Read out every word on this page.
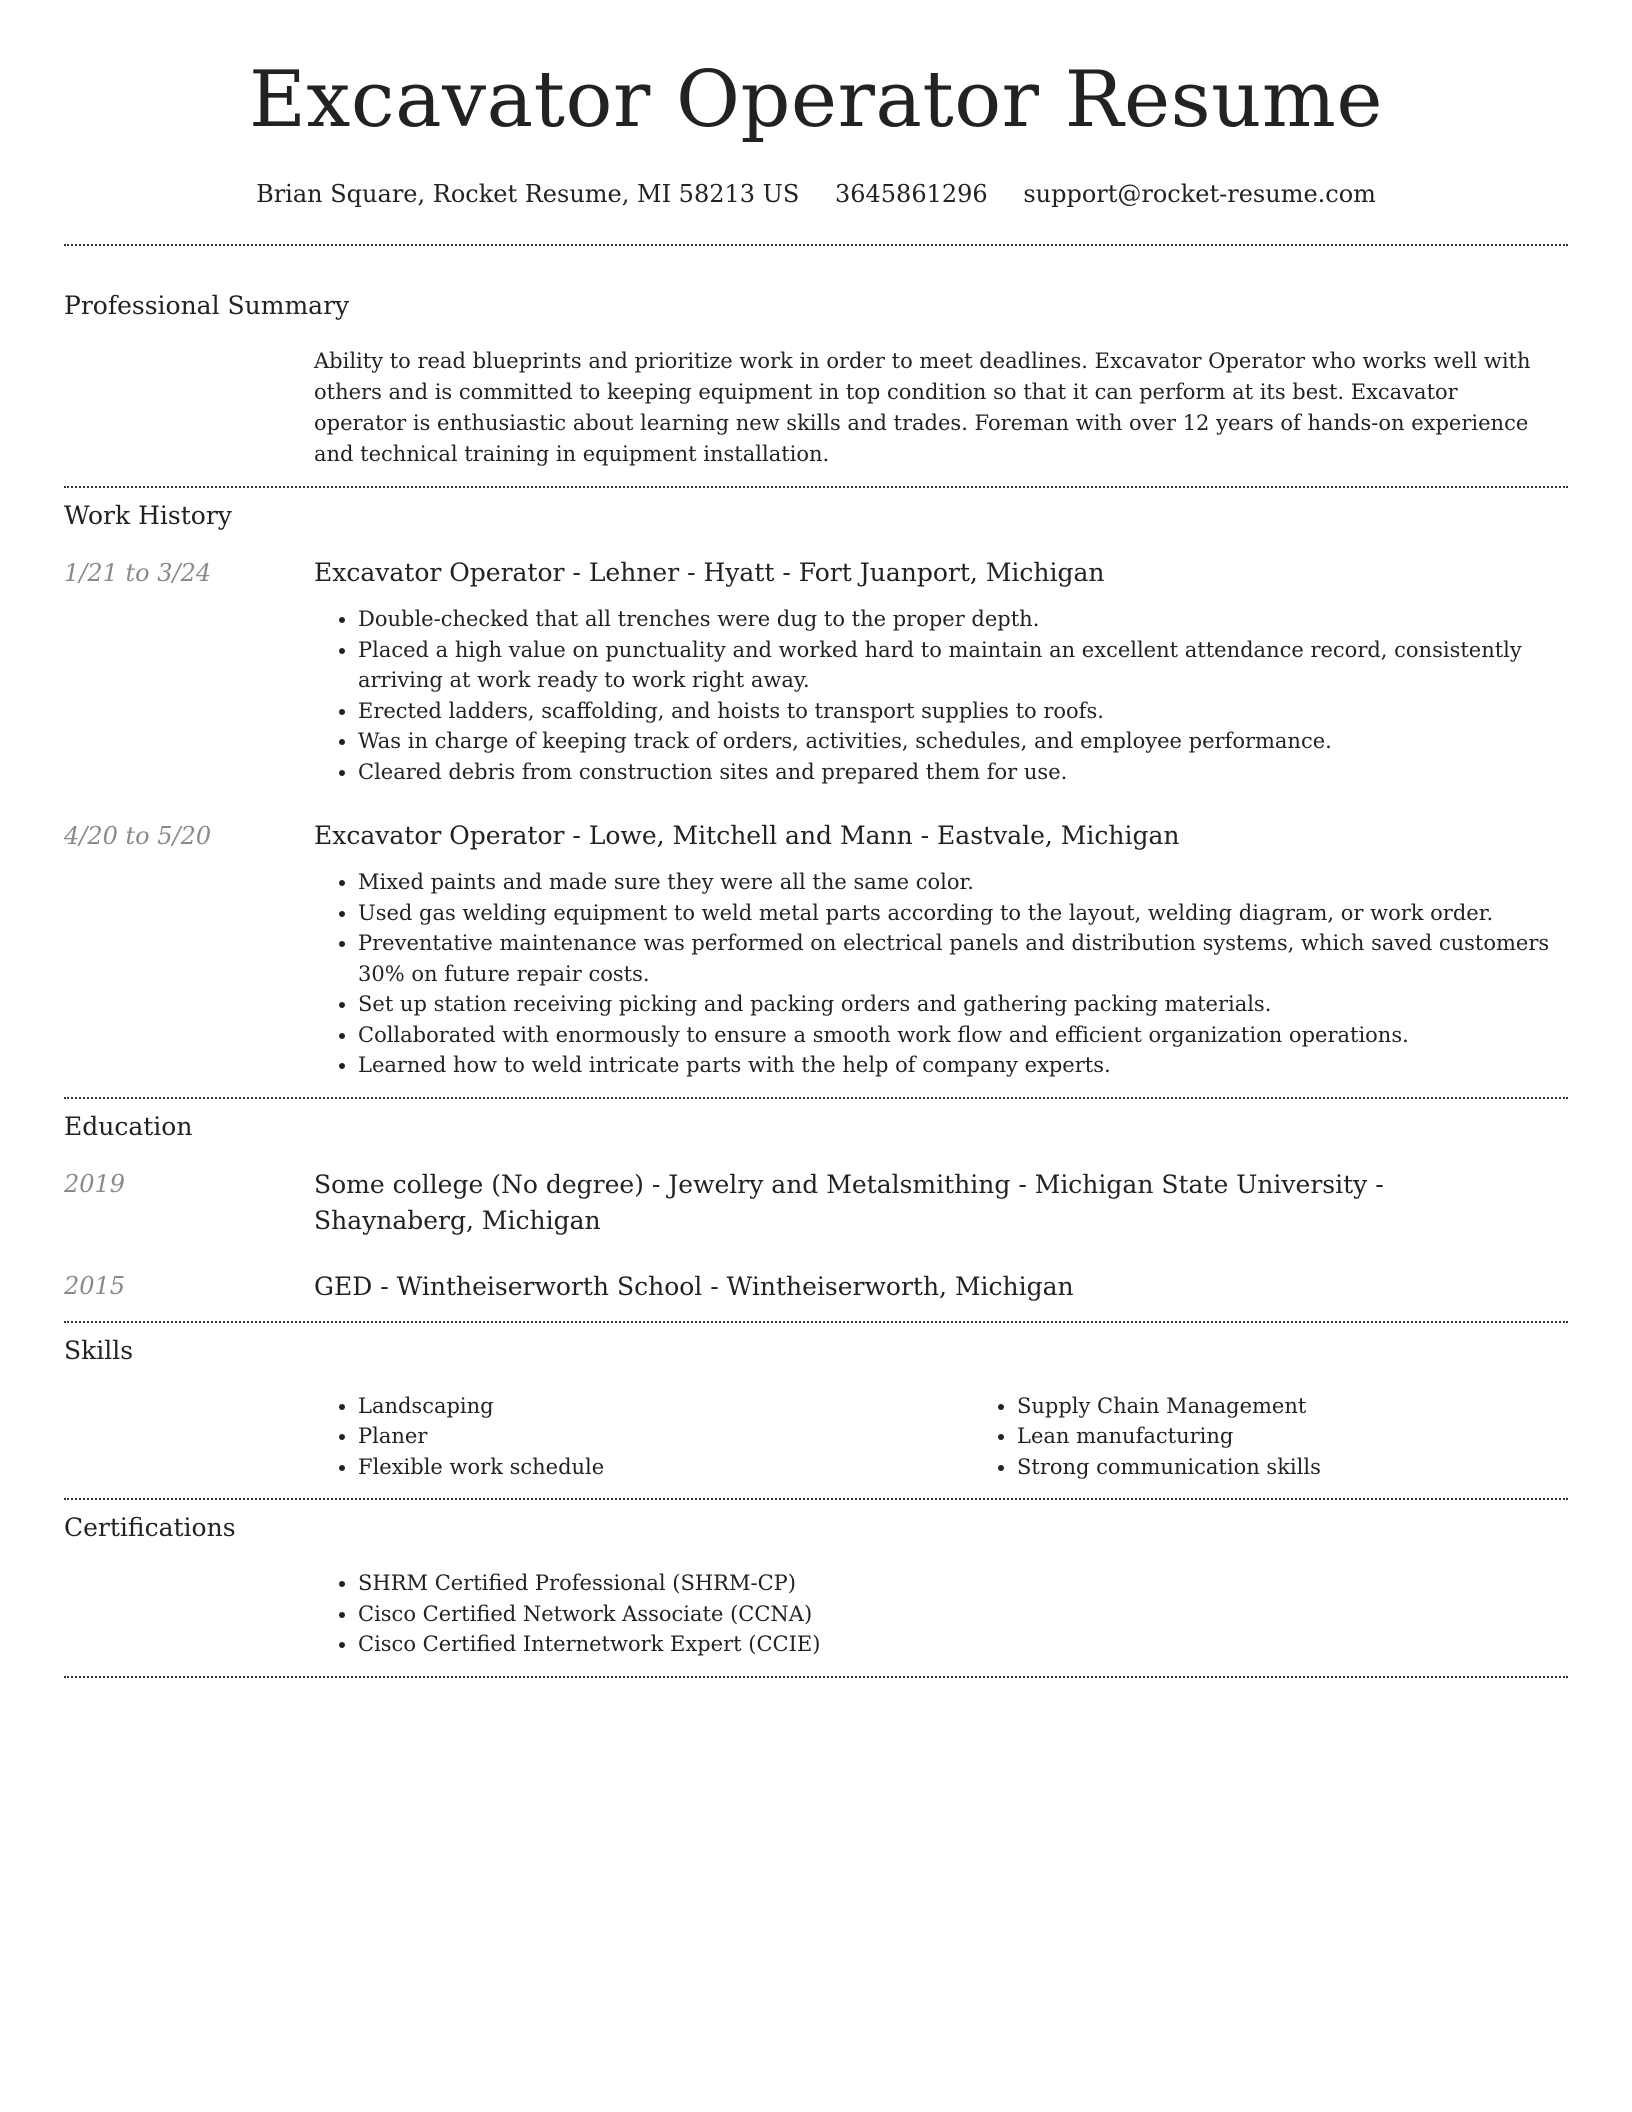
Excavator Operator Resume
Brian Square, Rocket Resume, MI 58213 US 3645861296 support@rocket-resume.com
Professional Summary

Ability to read blueprints and prioritize work in order to meet deadlines. Excavator Operator who works well with others and is committed to keeping equipment in top condition so that it can perform at its best. Excavator operator is enthusiastic about learning new skills and trades. Foreman with over 12 years of hands-on experience and technical training in equipment installation.

Work History
1/21 to 3/24	Excavator Operator - Lehner - Hyatt - Fort Juanport, Michigan
• Double-checked that all trenches were dug to the proper depth.
• Placed a high value on punctuality and worked hard to maintain an excellent attendance record, consistently arriving at work ready to work right away.
• Erected ladders, scaffolding, and hoists to transport supplies to roofs.
• Was in charge of keeping track of orders, activities, schedules, and employee performance.
• Cleared debris from construction sites and prepared them for use.
4/20 to 5/20	Excavator Operator - Lowe, Mitchell and Mann - Eastvale, Michigan
• Mixed paints and made sure they were all the same color.
• Used gas welding equipment to weld metal parts according to the layout, welding diagram, or work order.
• Preventative maintenance was performed on electrical panels and distribution systems, which saved customers 30% on future repair costs.
• Set up station receiving picking and packing orders and gathering packing materials.
• Collaborated with enormously to ensure a smooth work flow and efficient organization operations.
• Learned how to weld intricate parts with the help of company experts.
Education
2019	Some college (No degree) - Jewelry and Metalsmithing - Michigan State University - Shaynaberg, Michigan

2015	GED - Wintheiserworth School - Wintheiserworth, Michigan

Skills
• Landscaping
• Planer
• Flexible work schedule
• Supply Chain Management
• Lean manufacturing
• Strong communication skills
Certifications
• SHRM Certified Professional (SHRM-CP)
• Cisco Certified Network Associate (CCNA)
• Cisco Certified Internetwork Expert (CCIE)
